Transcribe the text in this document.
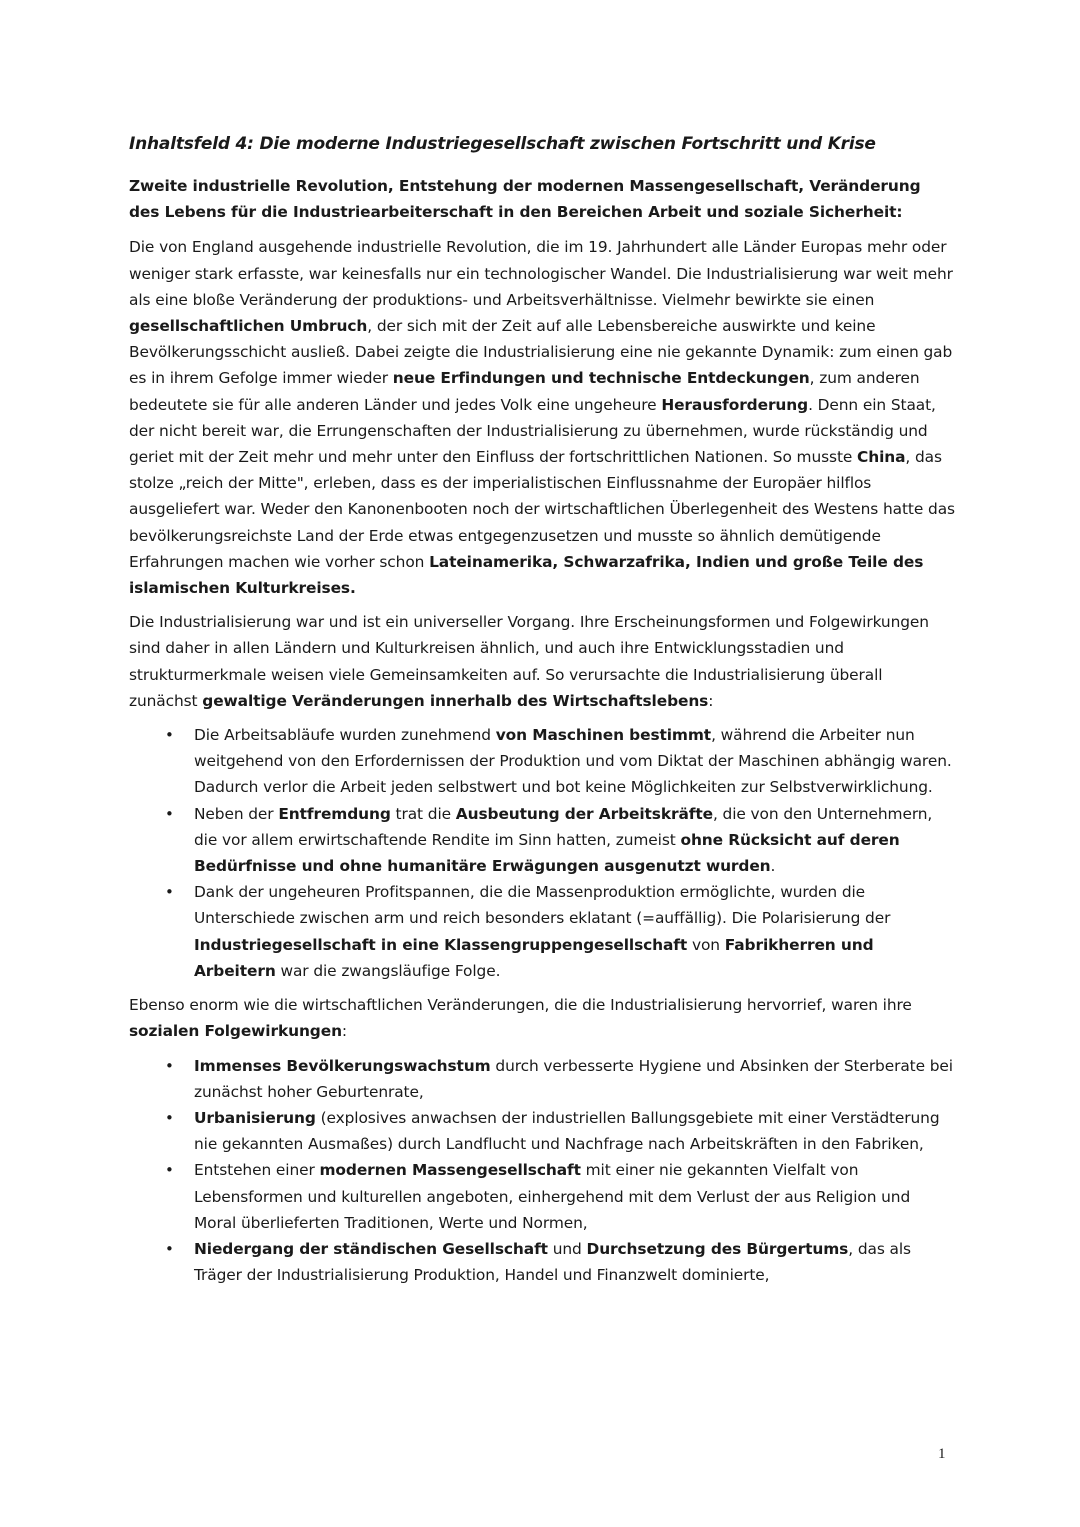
Inhaltsfeld 4: Die moderne Industriegesellschaft zwischen Fortschritt und Krise
Zweite industrielle Revolution, Entstehung der modernen Massengesellschaft, Veränderung des Lebens für die Industriearbeiterschaft in den Bereichen Arbeit und soziale Sicherheit:

Die von England ausgehende industrielle Revolution, die im 19. Jahrhundert alle Länder Europas mehr oder weniger stark erfasste, war keinesfalls nur ein technologischer Wandel. Die Industrialisierung war weit mehr als eine bloße Veränderung der produktions- und Arbeitsverhältnisse. Vielmehr bewirkte sie einen gesellschaftlichen Umbruch, der sich mit der Zeit auf alle Lebensbereiche auswirkte und keine Bevölkerungsschicht ausließ. Dabei zeigte die Industrialisierung eine nie gekannte Dynamik: zum einen gab es in ihrem Gefolge immer wieder neue Erfindungen und technische Entdeckungen, zum anderen bedeutete sie für alle anderen Länder und jedes Volk eine ungeheure Herausforderung. Denn ein Staat, der nicht bereit war, die Errungenschaften der Industrialisierung zu übernehmen, wurde rückständig und geriet mit der Zeit mehr und mehr unter den Einfluss der fortschrittlichen Nationen. So musste China, das stolze „reich der Mitte", erleben, dass es der imperialistischen Einflussnahme der Europäer hilflos ausgeliefert war. Weder den Kanonenbooten noch der wirtschaftlichen Überlegenheit des Westens hatte das bevölkerungsreichste Land der Erde etwas entgegenzusetzen und musste so ähnlich demütigende Erfahrungen machen wie vorher schon Lateinamerika, Schwarzafrika, Indien und große Teile des islamischen Kulturkreises.

Die Industrialisierung war und ist ein universeller Vorgang. Ihre Erscheinungsformen und Folgewirkungen sind daher in allen Ländern und Kulturkreisen ähnlich, und auch ihre Entwicklungsstadien und strukturmerkmale weisen viele Gemeinsamkeiten auf. So verursachte die Industrialisierung überall zunächst gewaltige Veränderungen innerhalb des Wirtschaftslebens:

• Die Arbeitsabläufe wurden zunehmend von Maschinen bestimmt, während die Arbeiter nun weitgehend von den Erfordernissen der Produktion und vom Diktat der Maschinen abhängig waren. Dadurch verlor die Arbeit jeden selbstwert und bot keine Möglichkeiten zur Selbstverwirklichung.
• Neben der Entfremdung trat die Ausbeutung der Arbeitskräfte, die von den Unternehmern, die vor allem erwirtschaftende Rendite im Sinn hatten, zumeist ohne Rücksicht auf deren Bedürfnisse und ohne humanitäre Erwägungen ausgenutzt wurden.
• Dank der ungeheuren Profitspannen, die die Massenproduktion ermöglichte, wurden die Unterschiede zwischen arm und reich besonders eklatant (=auffällig). Die Polarisierung der Industriegesellschaft in eine Klassengruppengesellschaft von Fabrikherren und Arbeitern war die zwangsläufige Folge.

Ebenso enorm wie die wirtschaftlichen Veränderungen, die die Industrialisierung hervorrief, waren ihre sozialen Folgewirkungen:

• Immenses Bevölkerungswachstum durch verbesserte Hygiene und Absinken der Sterberate bei zunächst hoher Geburtenrate,
• Urbanisierung (explosives anwachsen der industriellen Ballungsgebiete mit einer Verstädterung nie gekannten Ausmaßes) durch Landflucht und Nachfrage nach Arbeitskräften in den Fabriken,
• Entstehen einer modernen Massengesellschaft mit einer nie gekannten Vielfalt von Lebensformen und kulturellen angeboten, einhergehend mit dem Verlust der aus Religion und Moral überlieferten Traditionen, Werte und Normen,
• Niedergang der ständischen Gesellschaft und Durchsetzung des Bürgertums, das als Träger der Industrialisierung Produktion, Handel und Finanzwelt dominierte,
1
